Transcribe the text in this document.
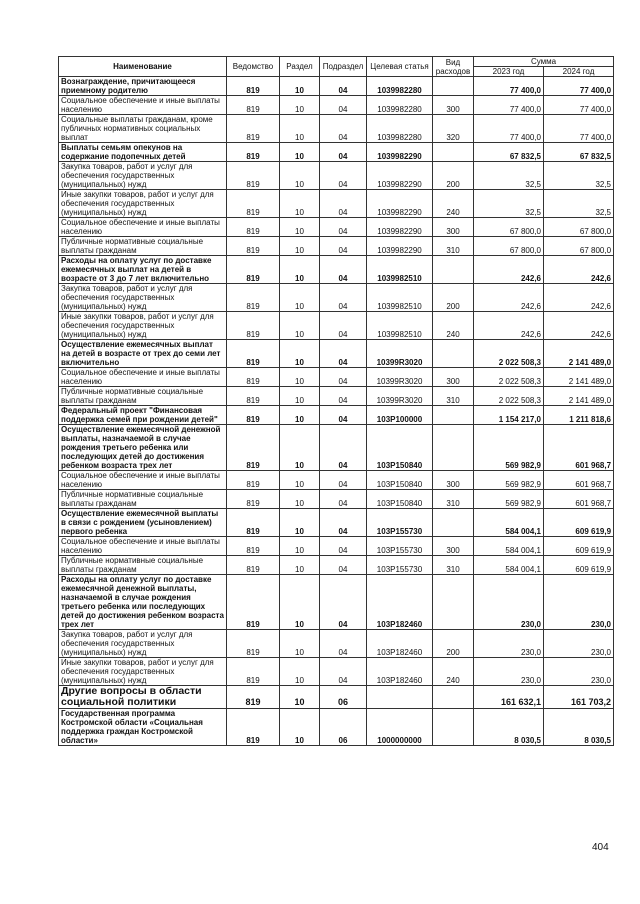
Наименование	Ведомство	Раздел	Подраздел	Целевая статья	Вид расходов	Сумма	
						2023 год	2024 год
Вознаграждение, причитающееся приемному родителю	819	10	04	1039982280		77 400,0	77 400,0
Социальное обеспечение и иные выплаты населению	819	10	04	1039982280	300	77 400,0	77 400,0
Социальные выплаты гражданам, кроме публичных нормативных социальных выплат	819	10	04	1039982280	320	77 400,0	77 400,0
Выплаты семьям опекунов на содержание подопечных детей	819	10	04	1039982290		67 832,5	67 832,5
Закупка товаров, работ и услуг для обеспечения государственных (муниципальных) нужд	819	10	04	1039982290	200	32,5	32,5
Иные закупки товаров, работ и услуг для обеспечения государственных (муниципальных) нужд	819	10	04	1039982290	240	32,5	32,5
Социальное обеспечение и иные выплаты населению	819	10	04	1039982290	300	67 800,0	67 800,0
Публичные нормативные социальные выплаты гражданам	819	10	04	1039982290	310	67 800,0	67 800,0
Расходы на оплату услуг по доставке ежемесячных выплат на детей в возрасте от 3 до 7 лет включительно	819	10	04	1039982510		242,6	242,6
Закупка товаров, работ и услуг для обеспечения государственных (муниципальных) нужд	819	10	04	1039982510	200	242,6	242,6
Иные закупки товаров, работ и услуг для обеспечения государственных (муниципальных) нужд	819	10	04	1039982510	240	242,6	242,6
Осуществление ежемесячных выплат на детей в возрасте от трех до семи лет включительно	819	10	04	10399R3020		2 022 508,3	2 141 489,0
Социальное обеспечение и иные выплаты населению	819	10	04	10399R3020	300	2 022 508,3	2 141 489,0
Публичные нормативные социальные выплаты гражданам	819	10	04	10399R3020	310	2 022 508,3	2 141 489,0
Федеральный проект "Финансовая поддержка семей при рождении детей"	819	10	04	103P100000		1 154 217,0	1 211 818,6
Осуществление ежемесячной денежной выплаты, назначаемой в случае рождения третьего ребенка или последующих детей до достижения ребенком возраста трех лет	819	10	04	103P150840		569 982,9	601 968,7
Социальное обеспечение и иные выплаты населению	819	10	04	103P150840	300	569 982,9	601 968,7
Публичные нормативные социальные выплаты гражданам	819	10	04	103P150840	310	569 982,9	601 968,7
Осуществление ежемесячной выплаты в связи с рождением (усыновлением) первого ребенка	819	10	04	103P155730		584 004,1	609 619,9
Социальное обеспечение и иные выплаты населению	819	10	04	103P155730	300	584 004,1	609 619,9
Публичные нормативные социальные выплаты гражданам	819	10	04	103P155730	310	584 004,1	609 619,9
Расходы на оплату услуг по доставке ежемесячной денежной выплаты, назначаемой в случае рождения третьего ребенка или последующих детей до достижения ребенком возраста трех лет	819	10	04	103P182460		230,0	230,0
Закупка товаров, работ и услуг для обеспечения государственных (муниципальных) нужд	819	10	04	103P182460	200	230,0	230,0
Иные закупки товаров, работ и услуг для обеспечения государственных (муниципальных) нужд	819	10	04	103P182460	240	230,0	230,0
Другие вопросы в области социальной политики	819	10	06			161 632,1	161 703,2
Государственная программа Костромской области «Социальная поддержка граждан Костромской области»	819	10	06	1000000000		8 030,5	8 030,5
404
